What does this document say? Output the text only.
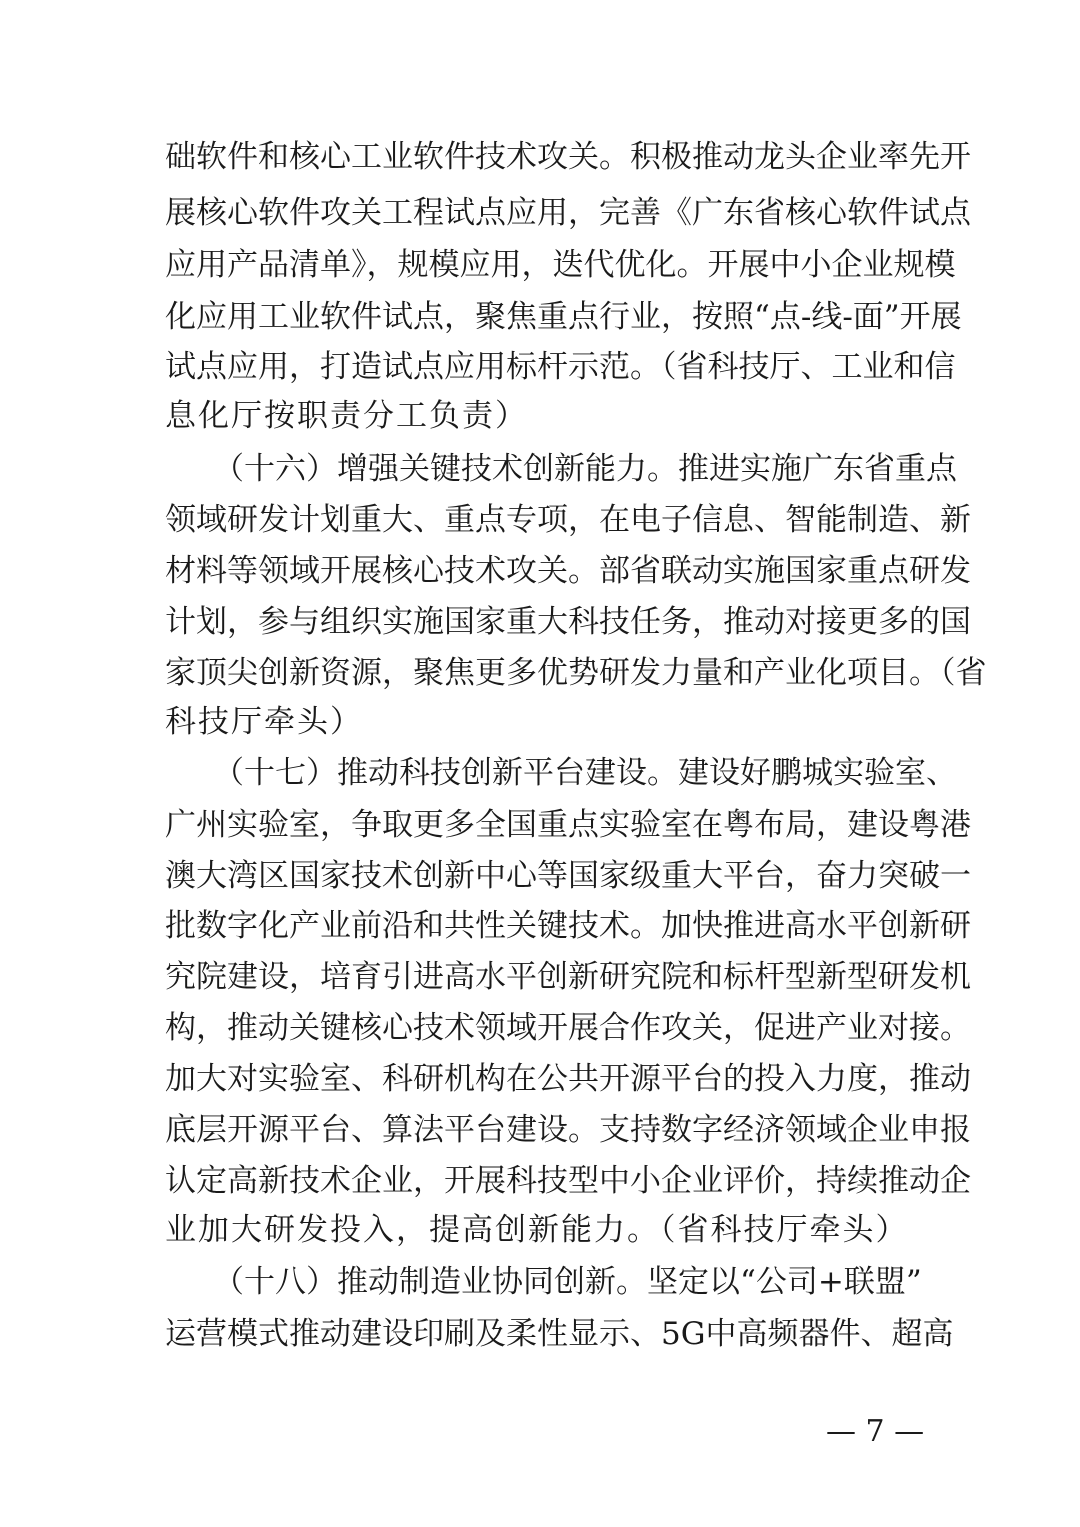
础软件和核心工业软件技术攻关。积极推动龙头企业率先开
展核心软件攻关工程试点应用，完善《广东省核心软件试点
应用产品清单》，规模应用，迭代优化。开展中小企业规模
化应用工业软件试点，聚焦重点行业，按照“点-线-面”开展
试点应用，打造试点应用标杆示范。（省科技厅、工业和信
息化厅按职责分工负责）
（十六）增强关键技术创新能力。推进实施广东省重点
领域研发计划重大、重点专项，在电子信息、智能制造、新
材料等领域开展核心技术攻关。部省联动实施国家重点研发
计划，参与组织实施国家重大科技任务，推动对接更多的国
家顶尖创新资源，聚焦更多优势研发力量和产业化项目。（省
科技厅牵头）
（十七）推动科技创新平台建设。建设好鹏城实验室、
广州实验室，争取更多全国重点实验室在粤布局，建设粤港
澳大湾区国家技术创新中心等国家级重大平台，奋力突破一
批数字化产业前沿和共性关键技术。加快推进高水平创新研
究院建设，培育引进高水平创新研究院和标杆型新型研发机
构，推动关键核心技术领域开展合作攻关，促进产业对接。
加大对实验室、科研机构在公共开源平台的投入力度，推动
底层开源平台、算法平台建设。支持数字经济领域企业申报
认定高新技术企业，开展科技型中小企业评价，持续推动企
业加大研发投入，提高创新能力。（省科技厅牵头）
（十八）推动制造业协同创新。坚定以“公司+联盟”
运营模式推动建设印刷及柔性显示、5G中高频器件、超高
— 7 —
